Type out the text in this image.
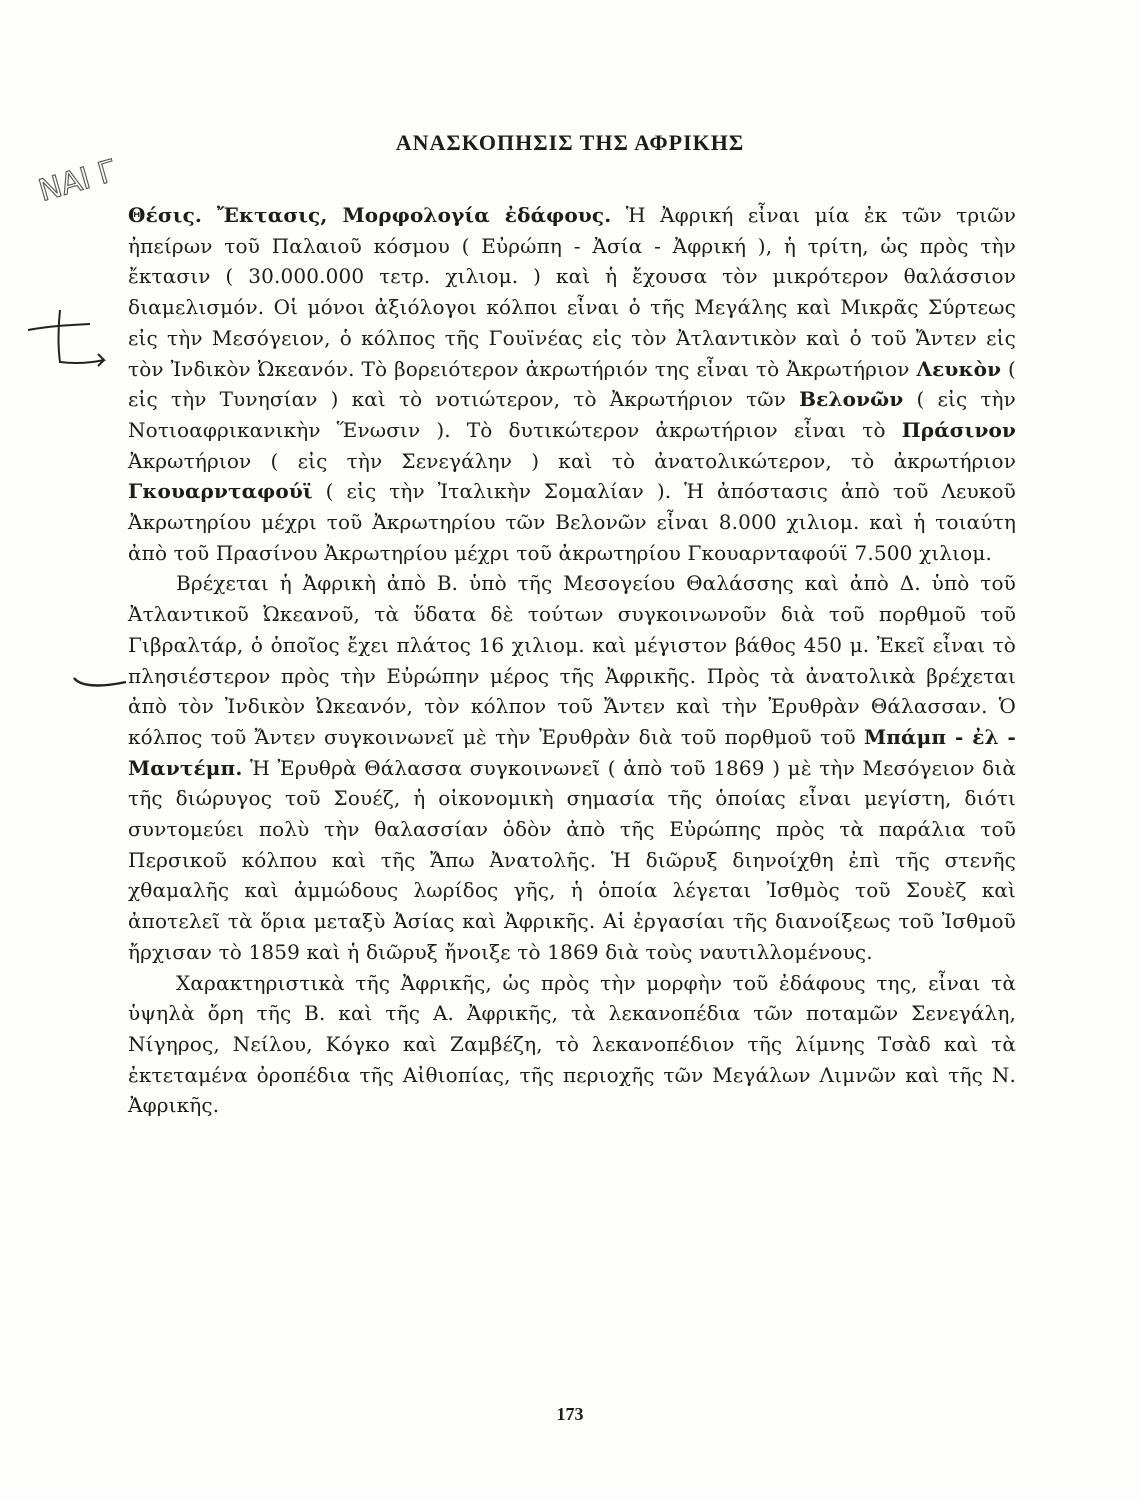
ΝΑΙ Γ
ΑΝΑΣΚΟΠΗΣΙΣ ΤΗΣ ΑΦΡΙΚΗΣ

Θέσις. Ἔκτασις, Μορφολογία ἐδάφους. Ἡ Ἀφρική εἶναι μία ἐκ τῶν τριῶν ἠπείρων τοῦ Παλαιοῦ κόσμου ( Εὐρώπη - Ἀσία - Ἀφρική ), ἡ τρίτη, ὡς πρὸς τὴν ἔκτασιν ( 30.000.000 τετρ. χιλιομ. ) καὶ ἡ ἔχουσα τὸν μικρότερον θαλάσσιον διαμελισμόν. Οἱ μόνοι ἀξιόλογοι κόλποι εἶναι ὁ τῆς Μεγάλης καὶ Μικρᾶς Σύρτεως εἰς τὴν Μεσόγειον, ὁ κόλπος τῆς Γουϊνέας εἰς τὸν Ἀτλαντικὸν καὶ ὁ τοῦ Ἄντεν εἰς τὸν Ἰνδικὸν Ὠκεανόν. Τὸ βορειότερον ἀκρωτήριόν της εἶναι τὸ Ἀκρωτήριον Λευκὸν ( εἰς τὴν Τυνησίαν ) καὶ τὸ νοτιώτερον, τὸ Ἀκρωτήριον τῶν Βελονῶν ( εἰς τὴν Νοτιοαφρικανικὴν Ἕνωσιν ). Τὸ δυτικώτερον ἀκρωτήριον εἶναι τὸ Πράσινον Ἀκρωτήριον ( εἰς τὴν Σενεγάλην ) καὶ τὸ ἀνατολικώτερον, τὸ ἀκρωτήριον Γκουαρνταφούϊ ( εἰς τὴν Ἰταλικὴν Σομαλίαν ). Ἡ ἀπόστασις ἀπὸ τοῦ Λευκοῦ Ἀκρωτηρίου μέχρι τοῦ Ἀκρωτηρίου τῶν Βελονῶν εἶναι 8.000 χιλιομ. καὶ ἡ τοιαύτη ἀπὸ τοῦ Πρασίνου Ἀκρωτηρίου μέχρι τοῦ ἀκρωτηρίου Γκουαρνταφούϊ 7.500 χιλιομ.

Βρέχεται ἡ Ἀφρικὴ ἀπὸ Β. ὑπὸ τῆς Μεσογείου Θαλάσσης καὶ ἀπὸ Δ. ὑπὸ τοῦ Ἀτλαντικοῦ Ὠκεανοῦ, τὰ ὕδατα δὲ τούτων συγκοινωνοῦν διὰ τοῦ πορθμοῦ τοῦ Γιβραλτάρ, ὁ ὁποῖος ἔχει πλάτος 16 χιλιομ. καὶ μέγιστον βάθος 450 μ. Ἐκεῖ εἶναι τὸ πλησιέστερον πρὸς τὴν Εὐρώπην μέρος τῆς Ἀφρικῆς. Πρὸς τὰ ἀνατολικὰ βρέχεται ἀπὸ τὸν Ἰνδικὸν Ὠκεανόν, τὸν κόλπον τοῦ Ἄντεν καὶ τὴν Ἐρυθρὰν Θάλασσαν. Ὁ κόλπος τοῦ Ἄντεν συγκοινωνεῖ μὲ τὴν Ἐρυθρὰν διὰ τοῦ πορθμοῦ τοῦ Μπάμπ - ἐλ - Μαντέμπ. Ἡ Ἐρυθρὰ Θάλασσα συγκοινωνεῖ ( ἀπὸ τοῦ 1869 ) μὲ τὴν Μεσόγειον διὰ τῆς διώρυγος τοῦ Σουέζ, ἡ οἰκονομικὴ σημασία τῆς ὁποίας εἶναι μεγίστη, διότι συντομεύει πολὺ τὴν θαλασσίαν ὁδὸν ἀπὸ τῆς Εὐρώπης πρὸς τὰ παράλια τοῦ Περσικοῦ κόλπου καὶ τῆς Ἄπω Ἀνατολῆς. Ἡ διῶρυξ διηνοίχθη ἐπὶ τῆς στενῆς χθαμαλῆς καὶ ἀμμώδους λωρίδος γῆς, ἡ ὁποία λέγεται Ἰσθμὸς τοῦ Σουὲζ καὶ ἀποτελεῖ τὰ ὅρια μεταξὺ Ἀσίας καὶ Ἀφρικῆς. Αἱ ἐργασίαι τῆς διανοίξεως τοῦ Ἰσθμοῦ ἤρχισαν τὸ 1859 καὶ ἡ διῶρυξ ἤνοιξε τὸ 1869 διὰ τοὺς ναυτιλλομένους.

Χαρακτηριστικὰ τῆς Ἀφρικῆς, ὡς πρὸς τὴν μορφὴν τοῦ ἐδάφους της, εἶναι τὰ ὑψηλὰ ὄρη τῆς Β. καὶ τῆς Α. Ἀφρικῆς, τὰ λεκανοπέδια τῶν ποταμῶν Σενεγάλη, Νίγηρος, Νείλου, Κόγκο καὶ Ζαμβέζη, τὸ λεκανοπέδιον τῆς λίμνης Τσὰδ καὶ τὰ ἐκτεταμένα ὀροπέδια τῆς Αἰθιοπίας, τῆς περιοχῆς τῶν Μεγάλων Λιμνῶν καὶ τῆς Ν. Ἀφρικῆς.

173
